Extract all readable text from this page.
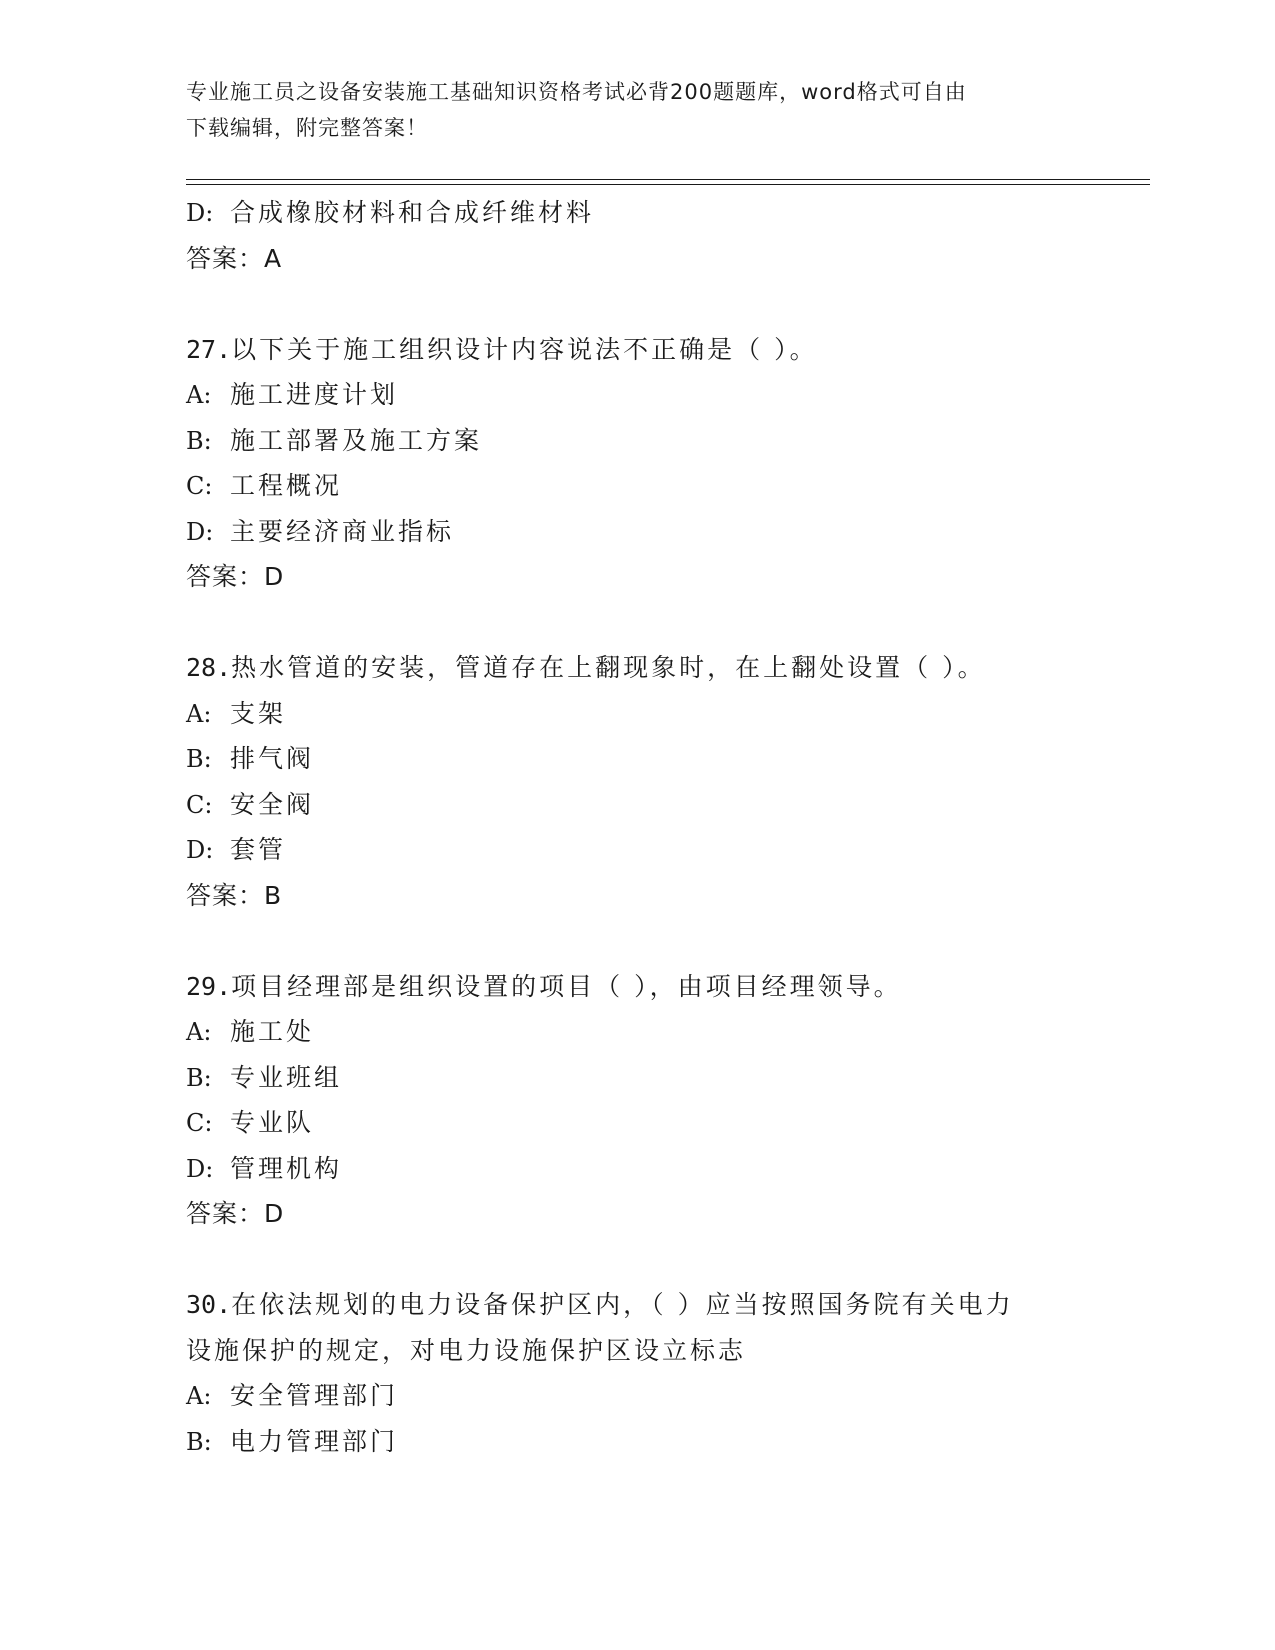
专业施工员之设备安装施工基础知识资格考试必背200题题库，word格式可自由
下载编辑，附完整答案！
D: 合成橡胶材料和合成纤维材料
答案：A
27.以下关于施工组织设计内容说法不正确是（ ）。
A: 施工进度计划
B: 施工部署及施工方案
C: 工程概况
D: 主要经济商业指标
答案：D
28.热水管道的安装，管道存在上翻现象时，在上翻处设置（ ）。
A: 支架
B: 排气阀
C: 安全阀
D: 套管
答案：B
29.项目经理部是组织设置的项目（ ），由项目经理领导。
A: 施工处
B: 专业班组
C: 专业队
D: 管理机构
答案：D
30.在依法规划的电力设备保护区内，（ ）应当按照国务院有关电力
设施保护的规定，对电力设施保护区设立标志
A: 安全管理部门
B: 电力管理部门
